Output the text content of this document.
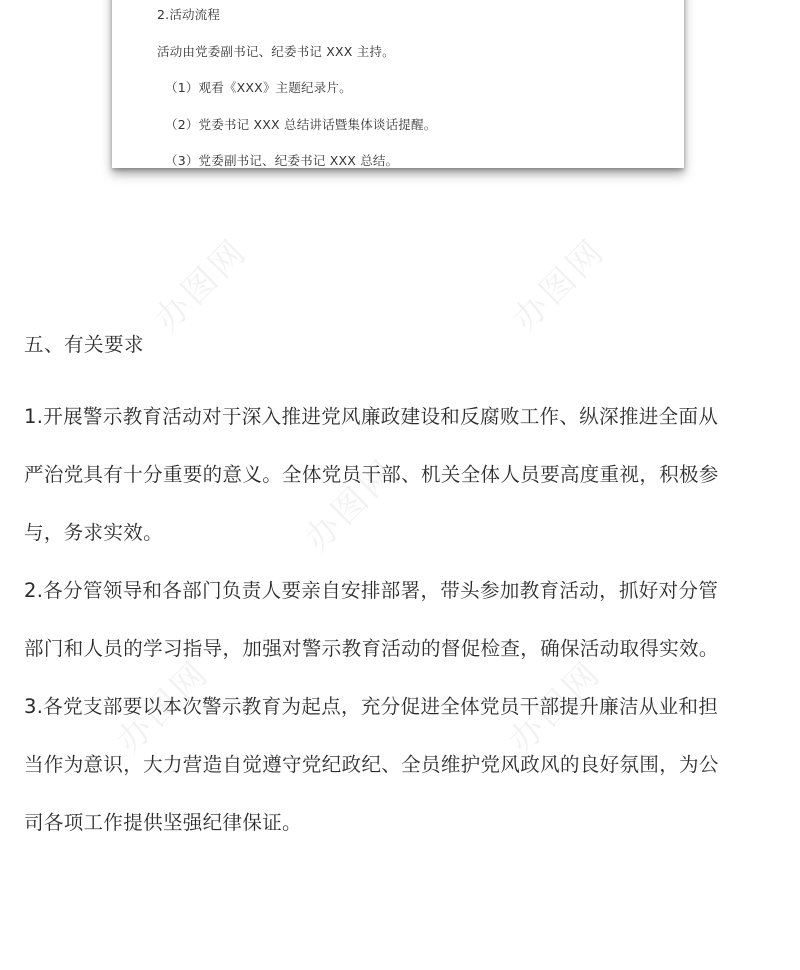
办图网	办图网
办图网
办图网	办图网

2.活动流程

活动由党委副书记、纪委书记 XXX 主持。

（1）观看《XXX》主题纪录片。

（2）党委书记 XXX 总结讲话暨集体谈话提醒。

（3）党委副书记、纪委书记 XXX 总结。

五、有关要求
1.开展警示教育活动对于深入推进党风廉政建设和反腐败工作、纵深推进全面从
严治党具有十分重要的意义。全体党员干部、机关全体人员要高度重视，积极参
与，务求实效。
2.各分管领导和各部门负责人要亲自安排部署，带头参加教育活动，抓好对分管
部门和人员的学习指导，加强对警示教育活动的督促检查，确保活动取得实效。
3.各党支部要以本次警示教育为起点，充分促进全体党员干部提升廉洁从业和担
当作为意识，大力营造自觉遵守党纪政纪、全员维护党风政风的良好氛围，为公
司各项工作提供坚强纪律保证。
